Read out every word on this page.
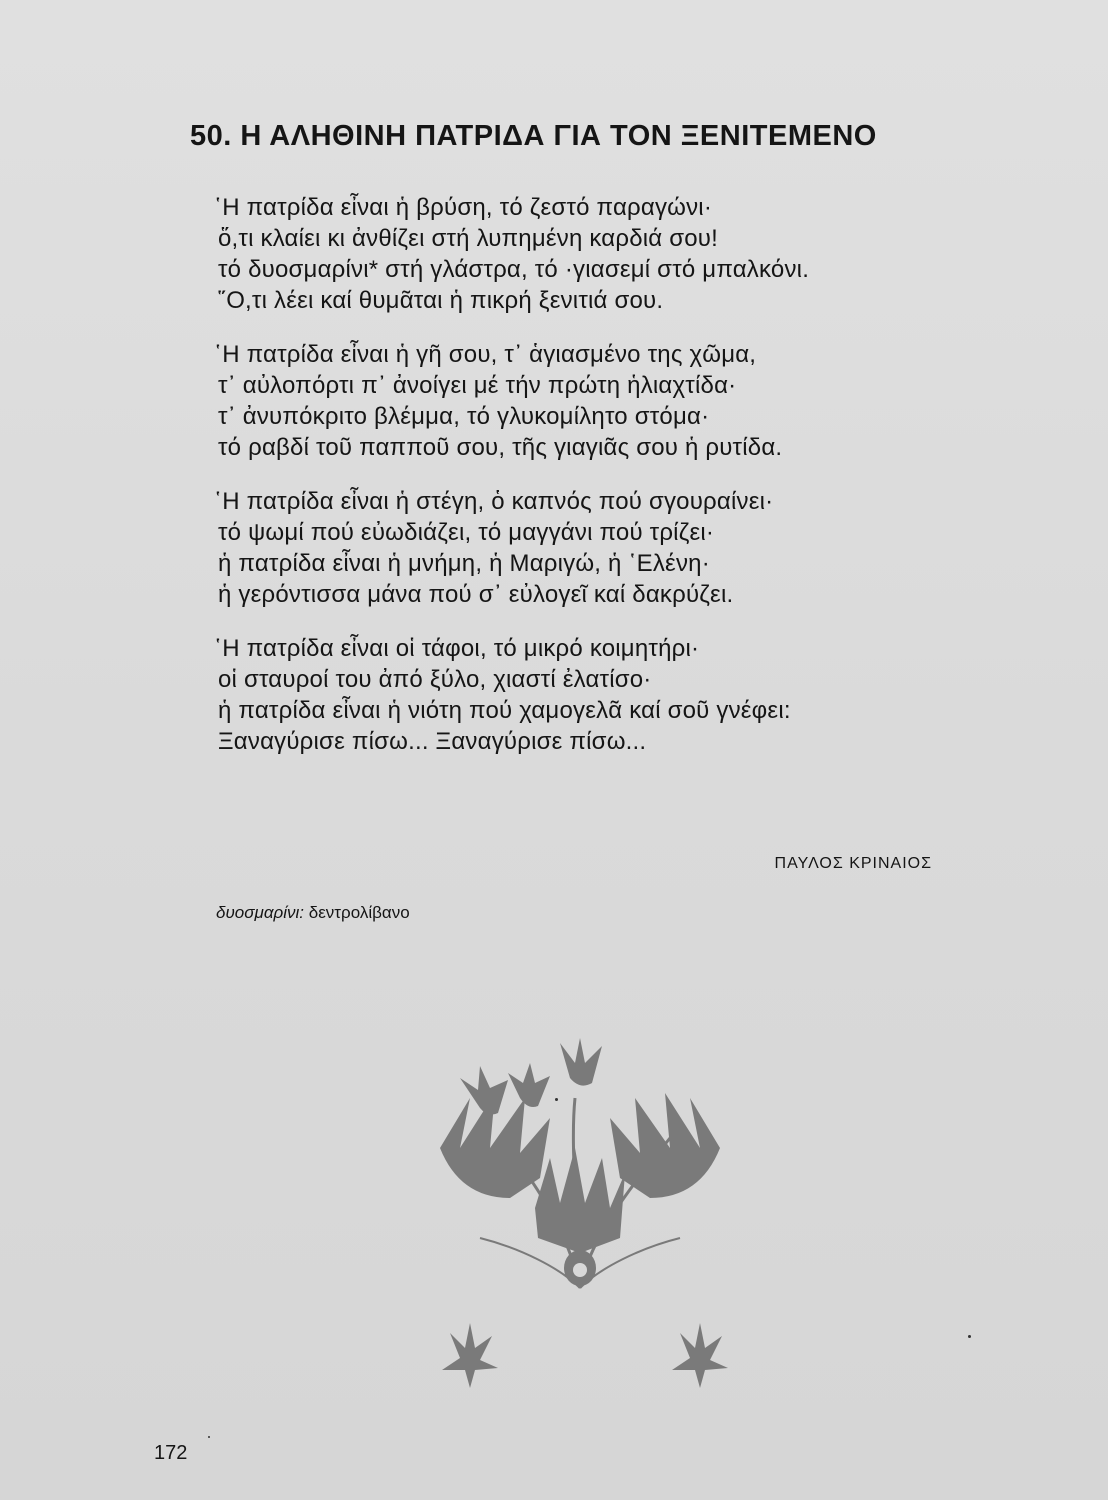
50. Η ΑΛΗΘΙΝΗ ΠΑΤΡΙΔΑ ΓΙΑ ΤΟΝ ΞΕΝΙΤΕΜΕΝΟ
῾Η πατρίδα εἶναι ἡ βρύση, τό ζεστό παραγώνι·
ὅ,τι κλαίει κι ἀνθίζει στή λυπημένη καρδιά σου!
τό δυοσμαρίνι* στή γλάστρα, τό ·γιασεμί στό μπαλκόνι.
῞Ο,τι λέει καί θυμᾶται ἡ πικρή ξενιτιά σου.
῾Η πατρίδα εἶναι ἡ γῆ σου, τ᾿ ἁγιασμένο της χῶμα,
τ᾿ αὐλοπόρτι π᾿ ἀνοίγει μέ τήν πρώτη ἡλιαχτίδα·
τ᾿ ἀνυπόκριτο βλέμμα, τό γλυκομίλητο στόμα·
τό ραβδί τοῦ παπποῦ σου, τῆς γιαγιᾶς σου ἡ ρυτίδα.
῾Η πατρίδα εἶναι ἡ στέγη, ὁ καπνός πού σγουραίνει·
τό ψωμί πού εὐωδιάζει, τό μαγγάνι πού τρίζει·
ἡ πατρίδα εἶναι ἡ μνήμη, ἡ Μαριγώ, ἡ ῾Ελένη·
ἡ γερόντισσα μάνα πού σ᾿ εὐλογεῖ καί δακρύζει.
῾Η πατρίδα εἶναι οἱ τάφοι, τό μικρό κοιμητήρι·
οἱ σταυροί του ἀπό ξύλο, χιαστί ἐλατίσο·
ἡ πατρίδα εἶναι ἡ νιότη πού χαμογελᾶ καί σοῦ γνέφει:
Ξαναγύρισε πίσω... Ξαναγύρισε πίσω...
ΠΑΥΛΟΣ ΚΡΙΝΑΙΟΣ
δυοσμαρίνι: δεντρολίβανο
172
